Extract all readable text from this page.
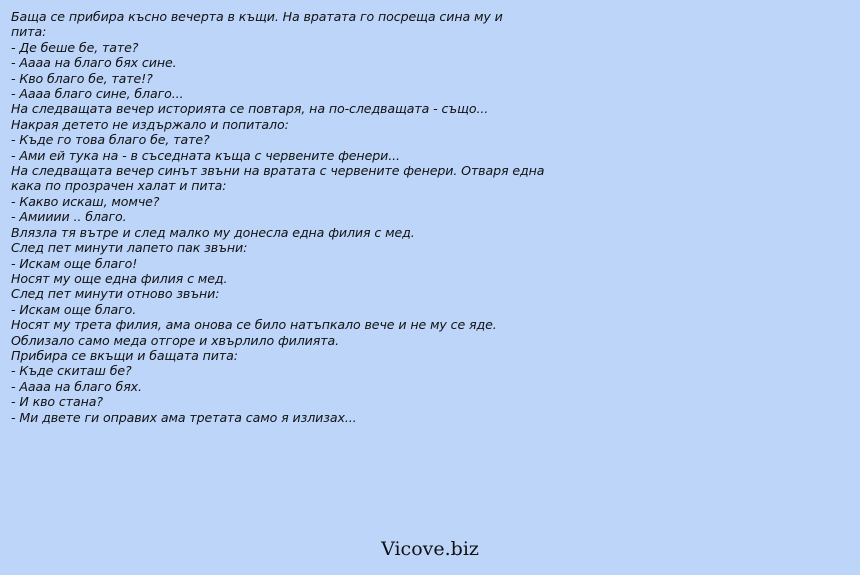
Баща се прибира късно вечерта в къщи. На вратата го посреща сина му и
пита:
- Де беше бе, тате?
- Аааа на благо бях сине.
- Кво благо бе, тате!?
- Аааа благо сине, благо...
На следващата вечер историята се повтаря, на по-следващата - също...
Накрая детето не издържало и попитало:
- Къде го това благо бе, тате?
- Ами ей тука на - в съседната къща с червените фенери...
На следващата вечер синът звъни на вратата с червените фенери. Отваря една
кака по прозрачен халат и пита:
- Какво искаш, момче?
- Амииии .. благо.
Влязла тя вътре и след малко му донесла една филия с мед.
След пет минути лапето пак звъни:
- Искам още благо!
Носят му още една филия с мед.
След пет минути отново звъни:
- Искам още благо.
Носят му трета филия, ама онова се било натъпкало вече и не му се яде.
Облизало само меда отгоре и хвърлило филията.
Прибира се вкъщи и бащата пита:
- Къде скиташ бе?
- Аааа на благо бях.
- И кво стана?
- Ми двете ги оправих ама третата само я излизах...
Vicove.biz
